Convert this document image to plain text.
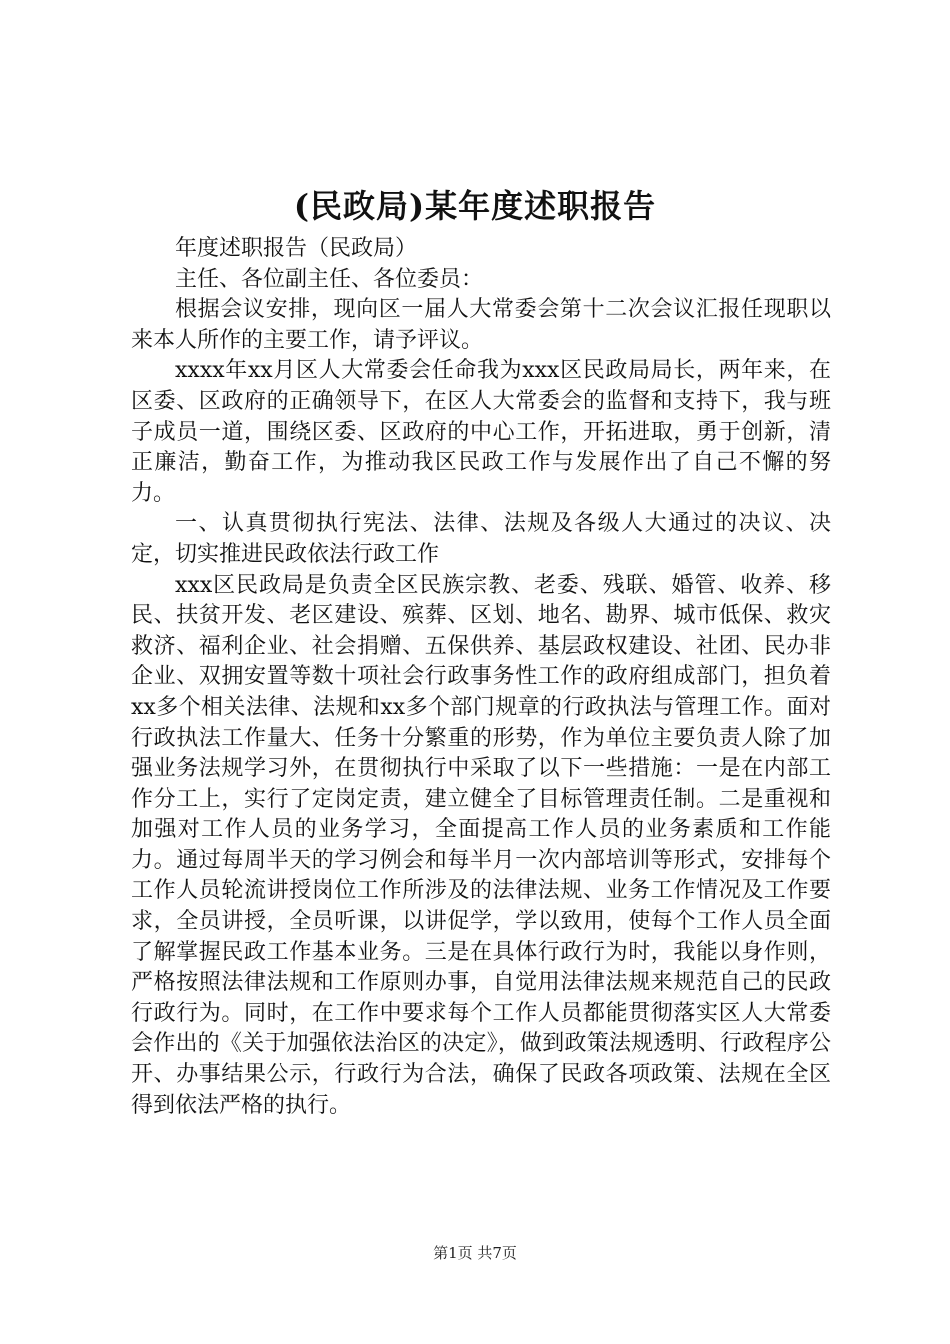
(民政局)某年度述职报告

年度述职报告（民政局）

主任、各位副主任、各位委员：

根据会议安排，现向区一届人大常委会第十二次会议汇报任现职以来本人所作的主要工作，请予评议。

xxxx年xx月区人大常委会任命我为xxx区民政局局长，两年来，在区委、区政府的正确领导下，在区人大常委会的监督和支持下，我与班子成员一道，围绕区委、区政府的中心工作，开拓进取，勇于创新，清正廉洁，勤奋工作，为推动我区民政工作与发展作出了自己不懈的努力。

一、认真贯彻执行宪法、法律、法规及各级人大通过的决议、决定，切实推进民政依法行政工作

xxx区民政局是负责全区民族宗教、老委、残联、婚管、收养、移民、扶贫开发、老区建设、殡葬、区划、地名、勘界、城市低保、救灾救济、福利企业、社会捐赠、五保供养、基层政权建设、社团、民办非企业、双拥安置等数十项社会行政事务性工作的政府组成部门，担负着xx多个相关法律、法规和xx多个部门规章的行政执法与管理工作。面对行政执法工作量大、任务十分繁重的形势，作为单位主要负责人除了加强业务法规学习外，在贯彻执行中采取了以下一些措施：一是在内部工作分工上，实行了定岗定责，建立健全了目标管理责任制。二是重视和加强对工作人员的业务学习，全面提高工作人员的业务素质和工作能力。通过每周半天的学习例会和每半月一次内部培训等形式，安排每个工作人员轮流讲授岗位工作所涉及的法律法规、业务工作情况及工作要求，全员讲授，全员听课，以讲促学，学以致用，使每个工作人员全面了解掌握民政工作基本业务。三是在具体行政行为时，我能以身作则，严格按照法律法规和工作原则办事，自觉用法律法规来规范自己的民政行政行为。同时，在工作中要求每个工作人员都能贯彻落实区人大常委会作出的《关于加强依法治区的决定》，做到政策法规透明、行政程序公开、办事结果公示，行政行为合法，确保了民政各项政策、法规在全区得到依法严格的执行。

第1页 共7页
